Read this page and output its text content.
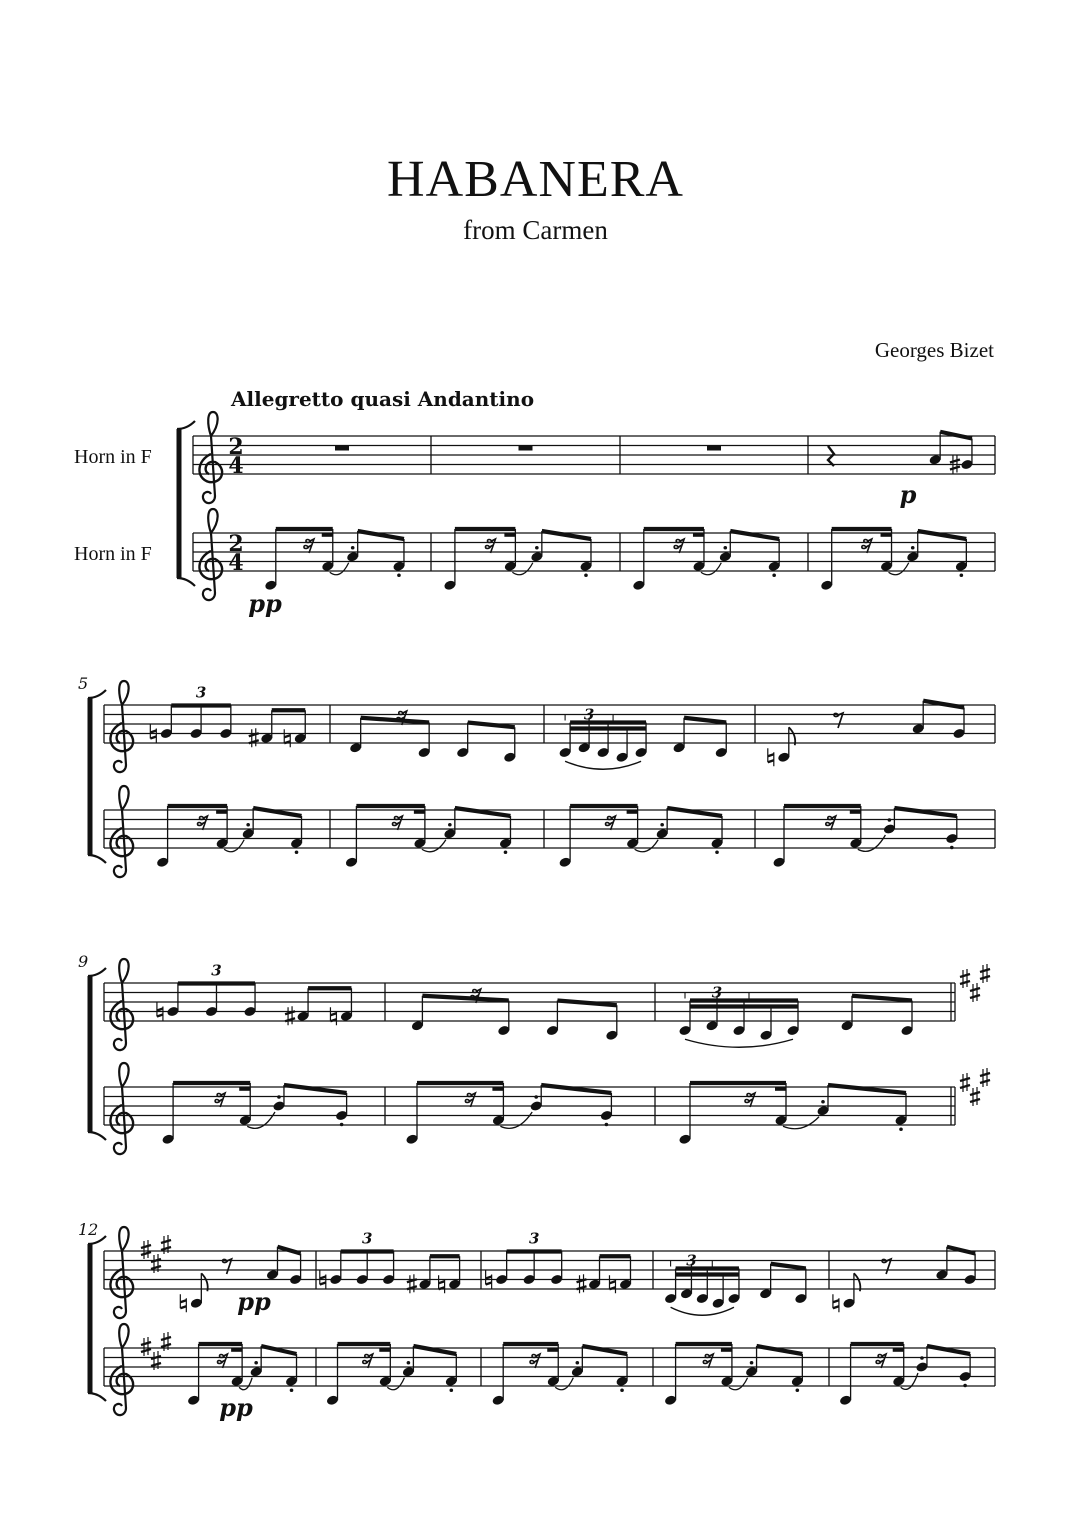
HABANERA
from Carmen
Georges Bizet
Allegretto quasi Andantino
Horn in F
Horn in F
2
4
2
4
5	3
3
9	3
3
12	3	3
3
pp
p
pp
pp
